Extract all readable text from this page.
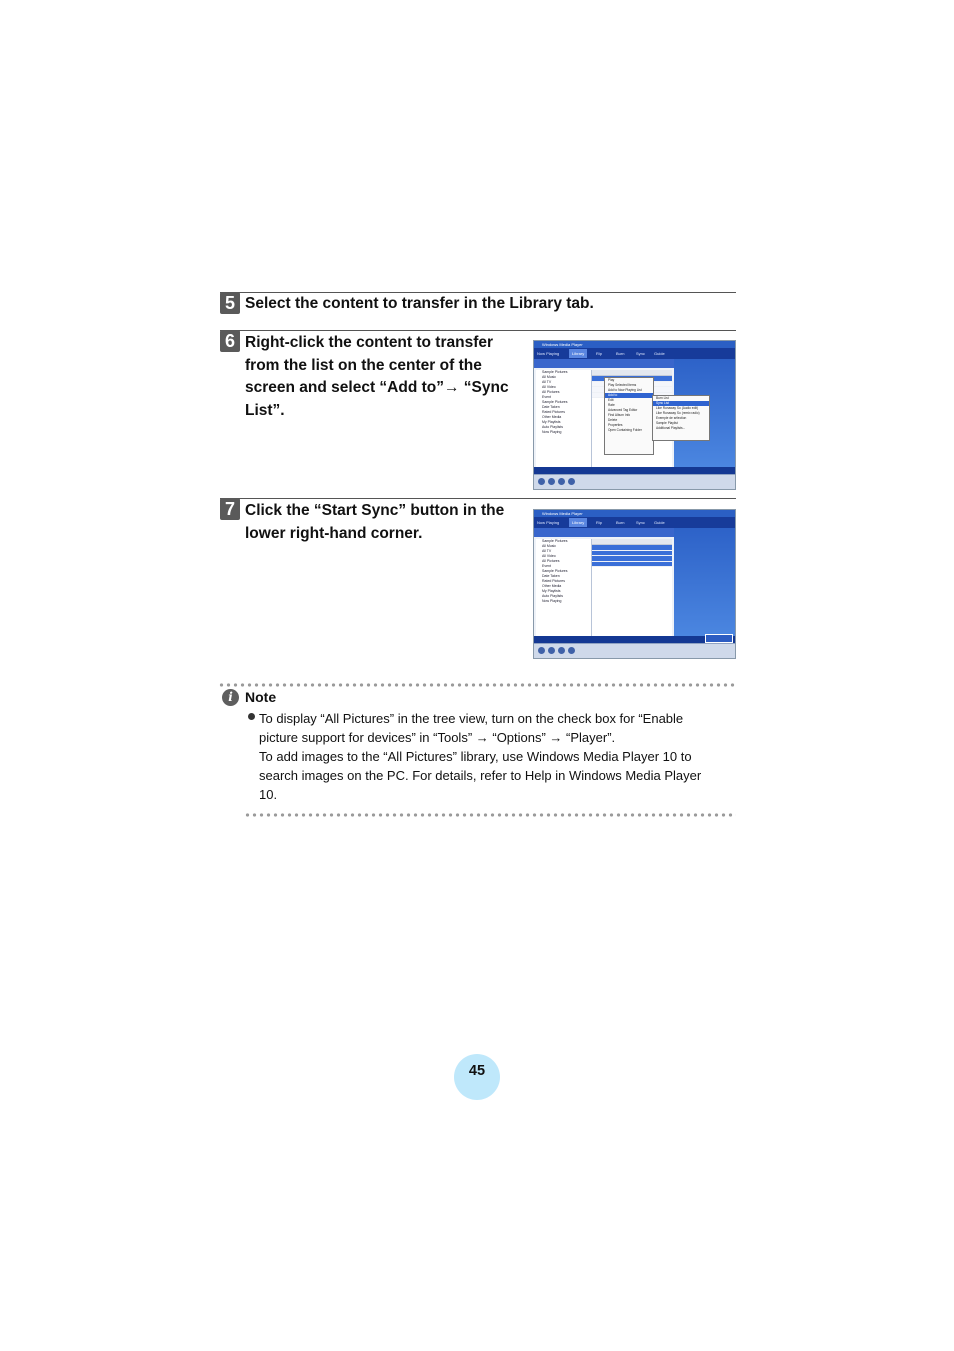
5 Select the content to transfer in the Library tab.
6 Right-click the content to transfer
from the list on the center of the
screen and select “Add to”→ “Sync
List”.
Windows Media Player
Now Playing	Library	Rip	Burn	Sync Guide
Sample Pictures
All Music
All TV
All Video
All Pictures
Event
Sample Pictures
Date Taken
Rated Pictures
Other Media
My Playlists
Auto Playlists
Now Playing
Play
Play Selected Items
Add to Now Playing List
Add to
Edit
Rate
Advanced Tag Editor
Find Album Info
Delete
Properties
Open Containing Folder
Burn List
Sync List
Like Runaway So (Audio edit)
Like Runaway So (remix radio)
Exemple de sélection
Sample Playlist
Additional Playlists...
7 Click the “Start Sync” button in the
lower right-hand corner.
Windows Media Player
Now Playing	Library	Rip	Burn	Sync Guide
Sample Pictures
All Music
All TV
All Video
All Pictures
Event
Sample Pictures
Date Taken
Rated Pictures
Other Media
My Playlists
Auto Playlists
Now Playing
i Note
To display “All Pictures” in the tree view, turn on the check box for “Enable
picture support for devices” in “Tools” → “Options” → “Player”.
To add images to the “All Pictures” library, use Windows Media Player 10 to
search images on the PC. For details, refer to Help in Windows Media Player
10.
45
